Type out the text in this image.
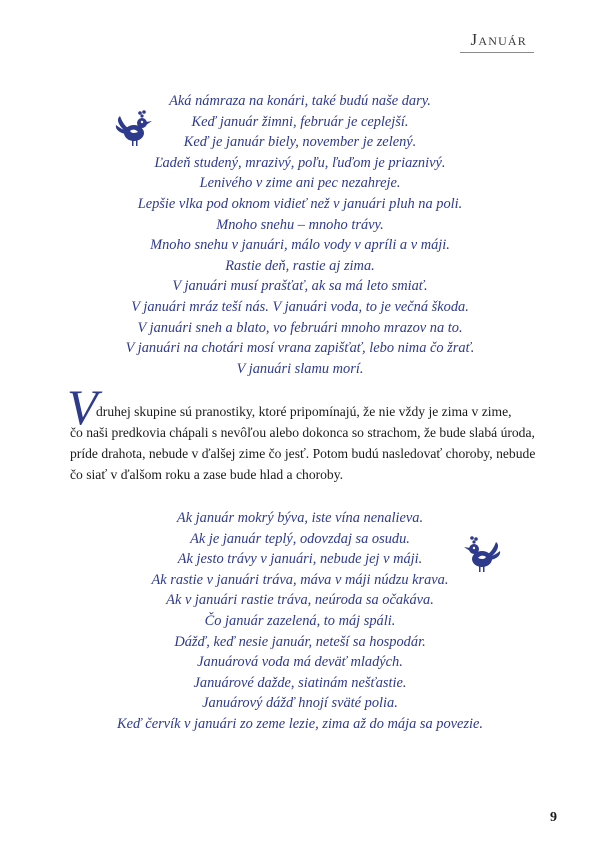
Január
Aká námraza na konári, také budú naše dary.
Keď január žimni, február je ceplejší.
Keď je január biely, november je zelený.
Ľadeň studený, mrazivý, poľu, ľuďom je priaznivý.
Lenivého v zime ani pec nezahreje.
Lepšie vlka pod oknom vidieť než v januári pluh na poli.
Mnoho snehu – mnoho trávy.
Mnoho snehu v januári, málo vody v apríli a v máji.
Rastie deň, rastie aj zima.
V januári musí prašťať, ak sa má leto smiať.
V januári mráz teší nás. V januári voda, to je večná škoda.
V januári sneh a blato, vo februári mnoho mrazov na to.
V januári na chotári mosí vrana zapišťať, lebo nima čo žrať.
V januári slamu morí.
V
druhej skupine sú pranostiky, ktoré pripomínajú, že nie vždy je zima v zime,
čo naši predkovia chápali s nevôľou alebo dokonca so strachom, že bude slabá úroda,
príde drahota, nebude v ďalšej zime čo jesť. Potom budú nasledovať choroby, nebude
čo siať v ďalšom roku a zase bude hlad a choroby.
Ak január mokrý býva, iste vína nenalieva.
Ak je január teplý, odovzdaj sa osudu.
Ak jesto trávy v januári, nebude jej v máji.
Ak rastie v januári tráva, máva v máji núdzu krava.
Ak v januári rastie tráva, neúroda sa očakáva.
Čo január zazelená, to máj spáli.
Dážď, keď nesie január, neteší sa hospodár.
Januárová voda má deväť mladých.
Januárové dažde, siatinám nešťastie.
Januárový dážď hnojí sväté polia.
Keď červík v januári zo zeme lezie, zima až do mája sa povezie.
9
